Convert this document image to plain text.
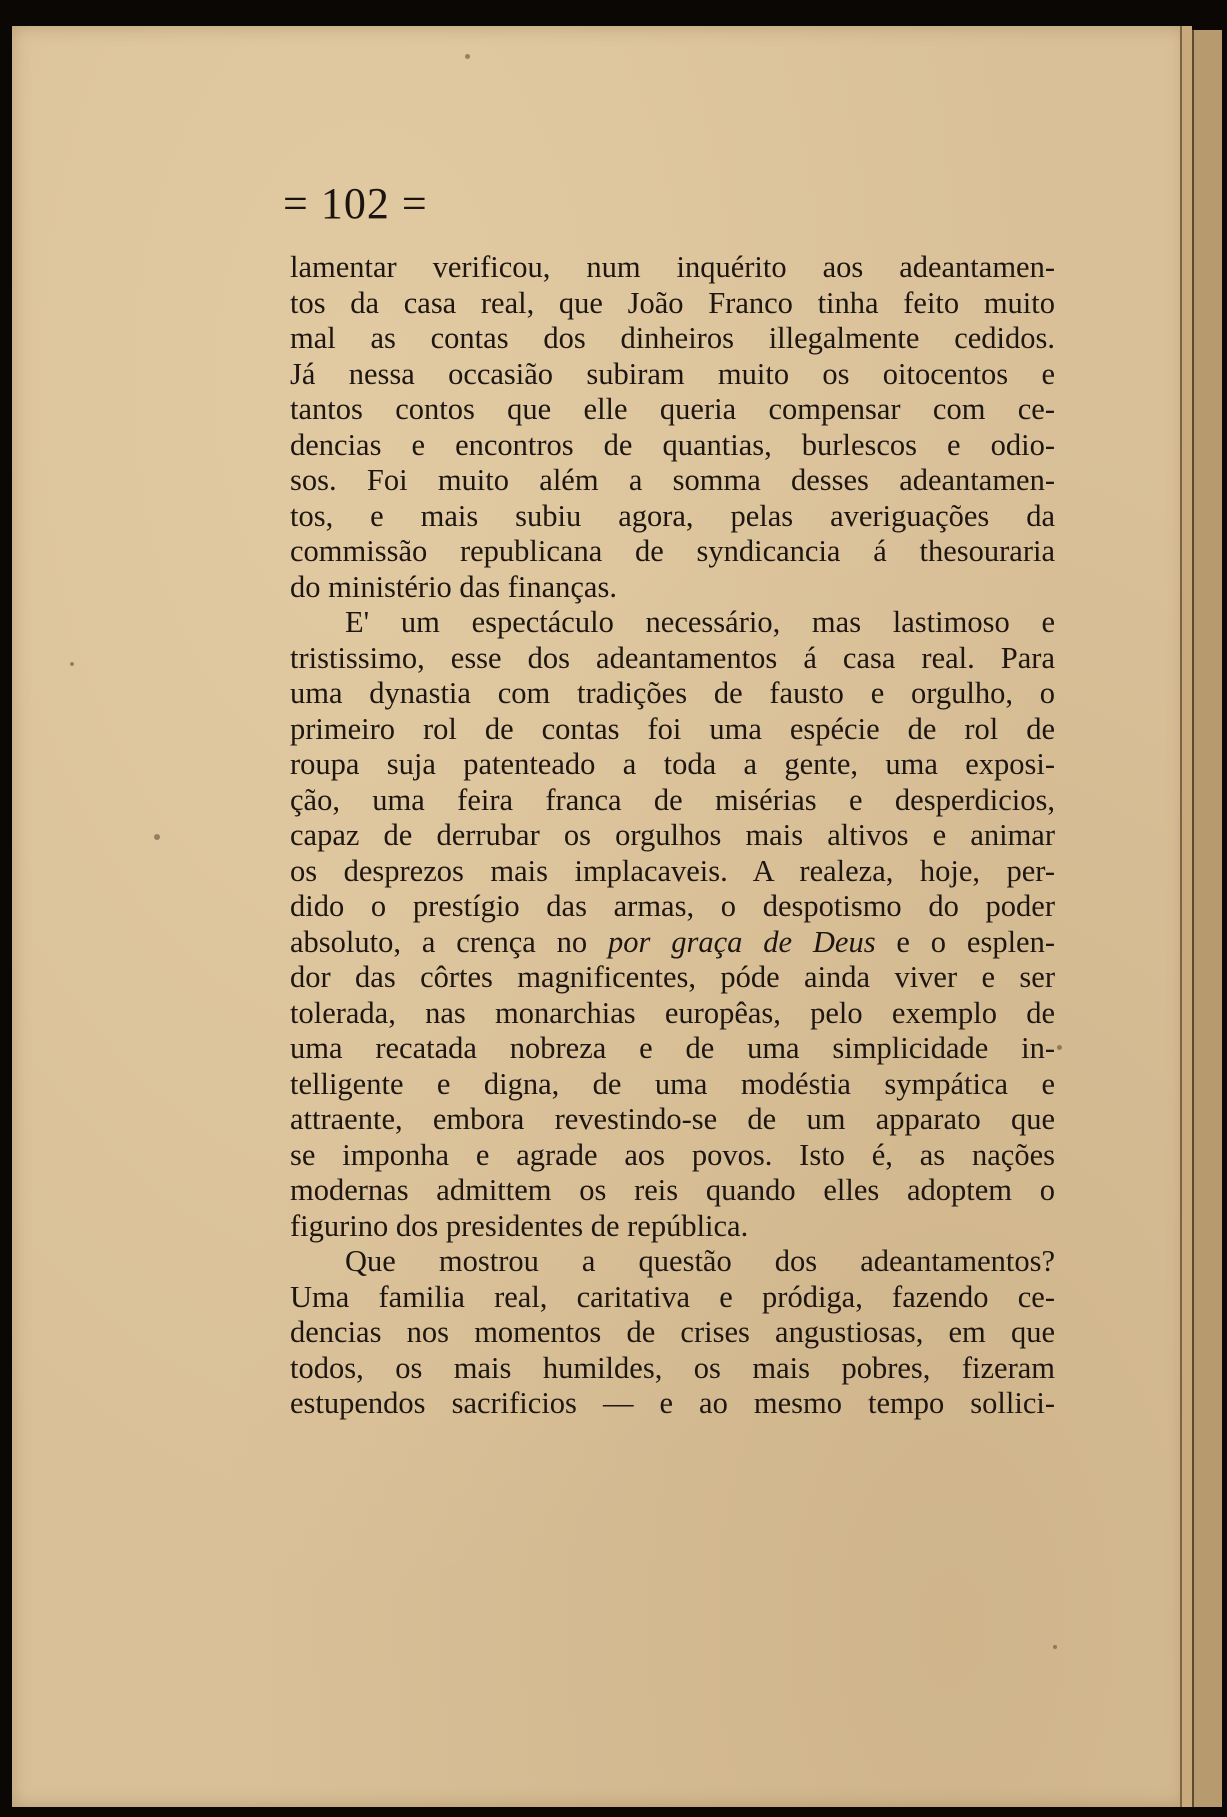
= 102 =
lamentar verificou, num inquérito aos adeantamen-
tos da casa real, que João Franco tinha feito muito
mal as contas dos dinheiros illegalmente cedidos.
Já nessa occasião subiram muito os oitocentos e
tantos contos que elle queria compensar com ce-
dencias e encontros de quantias, burlescos e odio-
sos. Foi muito além a somma desses adeantamen-
tos, e mais subiu agora, pelas averiguações da
commissão republicana de syndicancia á thesouraria
do ministério das finanças.
E' um espectáculo necessário, mas lastimoso e
tristissimo, esse dos adeantamentos á casa real. Para
uma dynastia com tradições de fausto e orgulho, o
primeiro rol de contas foi uma espécie de rol de
roupa suja patenteado a toda a gente, uma exposi-
ção, uma feira franca de misérias e desperdicios,
capaz de derrubar os orgulhos mais altivos e animar
os desprezos mais implacaveis. A realeza, hoje, per-
dido o prestígio das armas, o despotismo do poder
absoluto, a crença no por graça de Deus e o esplen-
dor das côrtes magnificentes, póde ainda viver e ser
tolerada, nas monarchias europêas, pelo exemplo de
uma recatada nobreza e de uma simplicidade in-
telligente e digna, de uma modéstia sympática e
attraente, embora revestindo-se de um apparato que
se imponha e agrade aos povos. Isto é, as nações
modernas admittem os reis quando elles adoptem o
figurino dos presidentes de república.
Que mostrou a questão dos adeantamentos?
Uma familia real, caritativa e pródiga, fazendo ce-
dencias nos momentos de crises angustiosas, em que
todos, os mais humildes, os mais pobres, fizeram
estupendos sacrificios — e ao mesmo tempo sollici-
